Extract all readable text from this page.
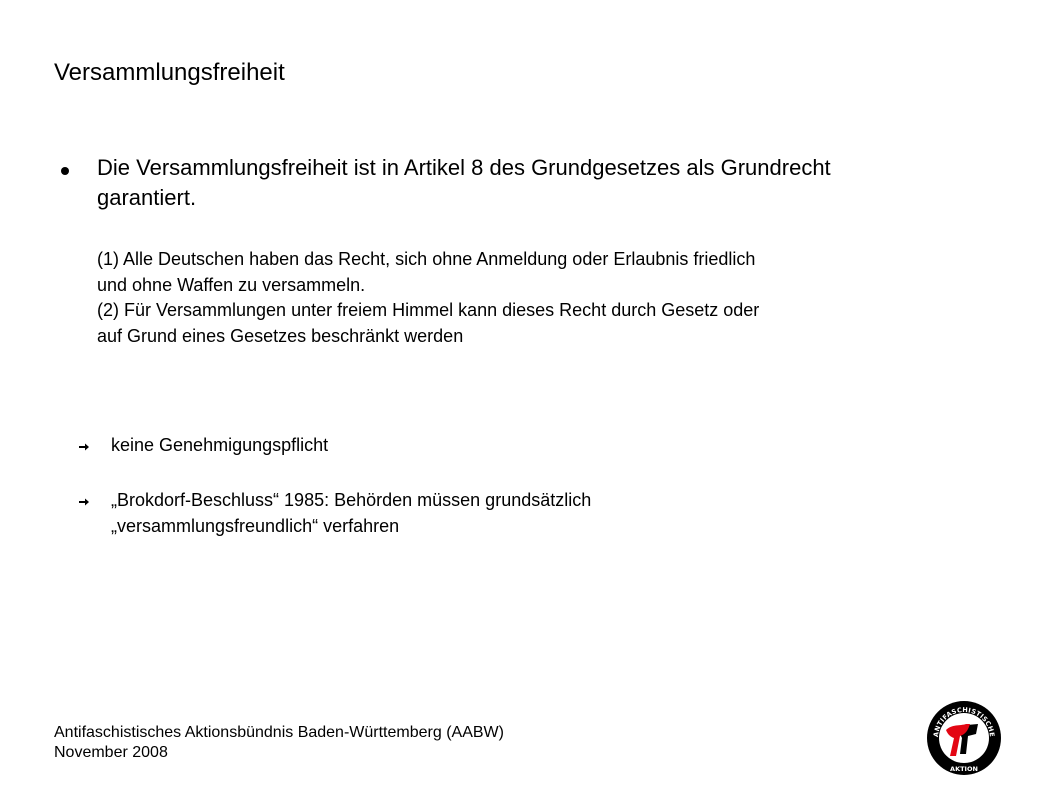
Versammlungsfreiheit
Die Versammlungsfreiheit ist in Artikel 8 des Grundgesetzes als Grundrecht
garantiert.
(1) Alle Deutschen haben das Recht, sich ohne Anmeldung oder Erlaubnis friedlich
und ohne Waffen zu versammeln.
(2) Für Versammlungen unter freiem Himmel kann dieses Recht durch Gesetz oder
auf Grund eines Gesetzes beschränkt werden
keine Genehmigungspflicht
„Brokdorf-Beschluss“ 1985: Behörden müssen grundsätzlich
„versammlungsfreundlich“ verfahren
Antifaschistisches Aktionsbündnis Baden-Württemberg (AABW)
November 2008
ANTIFASCHISTISCHE
AKTION
